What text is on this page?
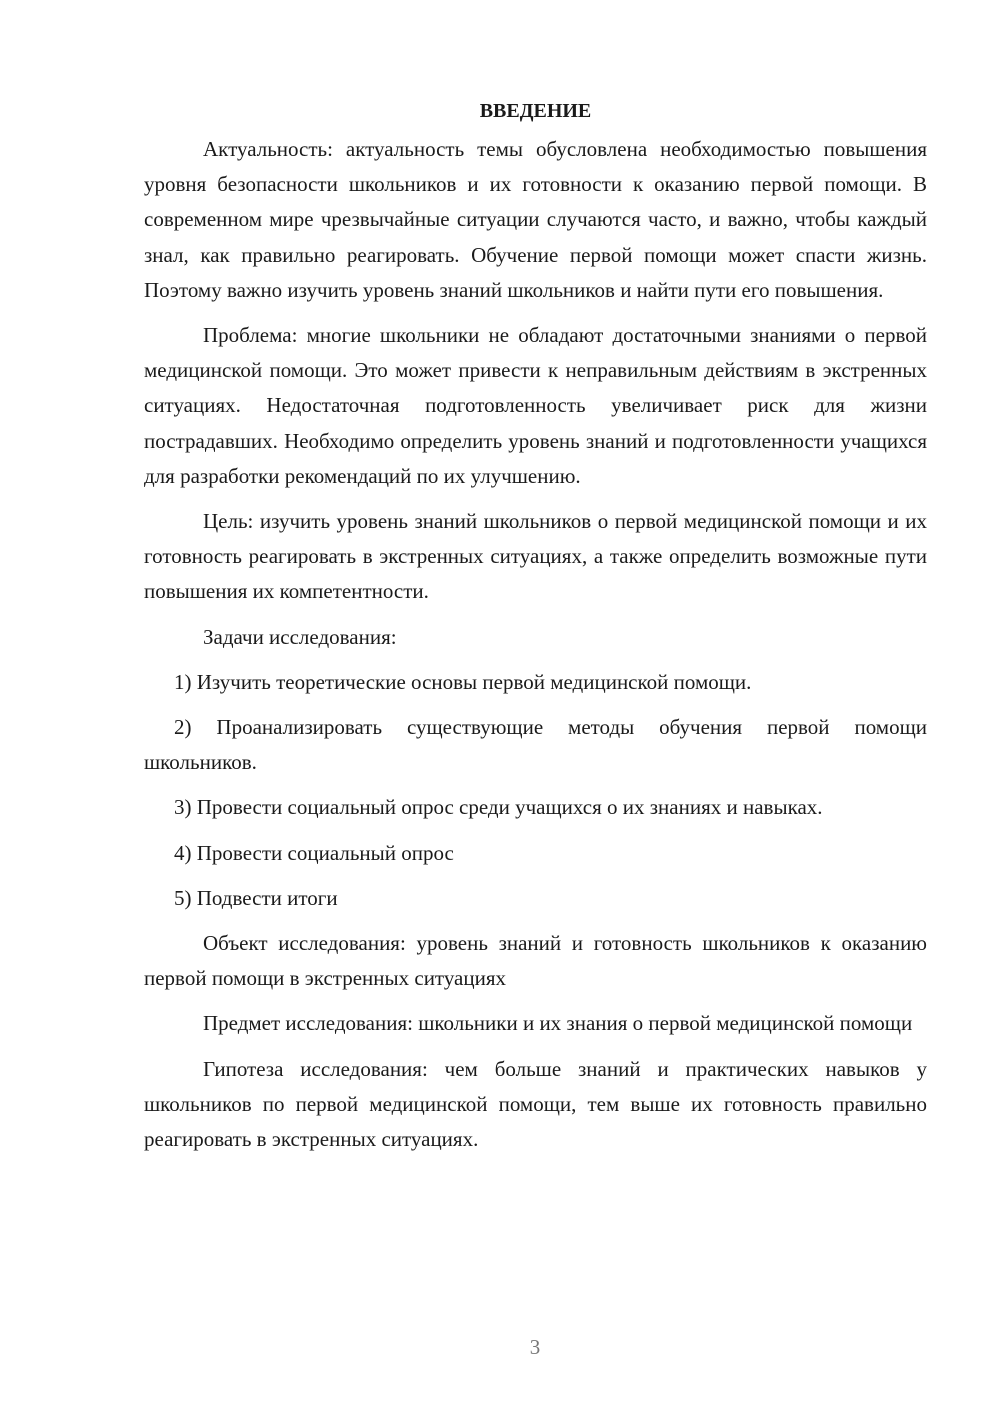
ВВЕДЕНИЕ

Актуальность: актуальность темы обусловлена необходимостью повышения уровня безопасности школьников и их готовности к оказанию первой помощи. В современном мире чрезвычайные ситуации случаются часто, и важно, чтобы каждый знал, как правильно реагировать. Обучение первой помощи может спасти жизнь. Поэтому важно изучить уровень знаний школьников и найти пути его повышения.

Проблема: многие школьники не обладают достаточными знаниями о первой медицинской помощи. Это может привести к неправильным действиям в экстренных ситуациях. Недостаточная подготовленность увеличивает риск для жизни пострадавших. Необходимо определить уровень знаний и подготовленности учащихся для разработки рекомендаций по их улучшению.

Цель: изучить уровень знаний школьников о первой медицинской помощи и их готовность реагировать в экстренных ситуациях, а также определить возможные пути повышения их компетентности.

Задачи исследования:

1) Изучить теоретические основы первой медицинской помощи.

2) Проанализировать существующие методы обучения первой помощи школьников.

3) Провести социальный опрос среди учащихся о их знаниях и навыках.

4) Провести социальный опрос

5) Подвести итоги

Объект исследования: уровень знаний и готовность школьников к оказанию первой помощи в экстренных ситуациях

Предмет исследования: школьники и их знания о первой медицинской помощи

Гипотеза исследования: чем больше знаний и практических навыков у школьников по первой медицинской помощи, тем выше их готовность правильно реагировать в экстренных ситуациях.

3
